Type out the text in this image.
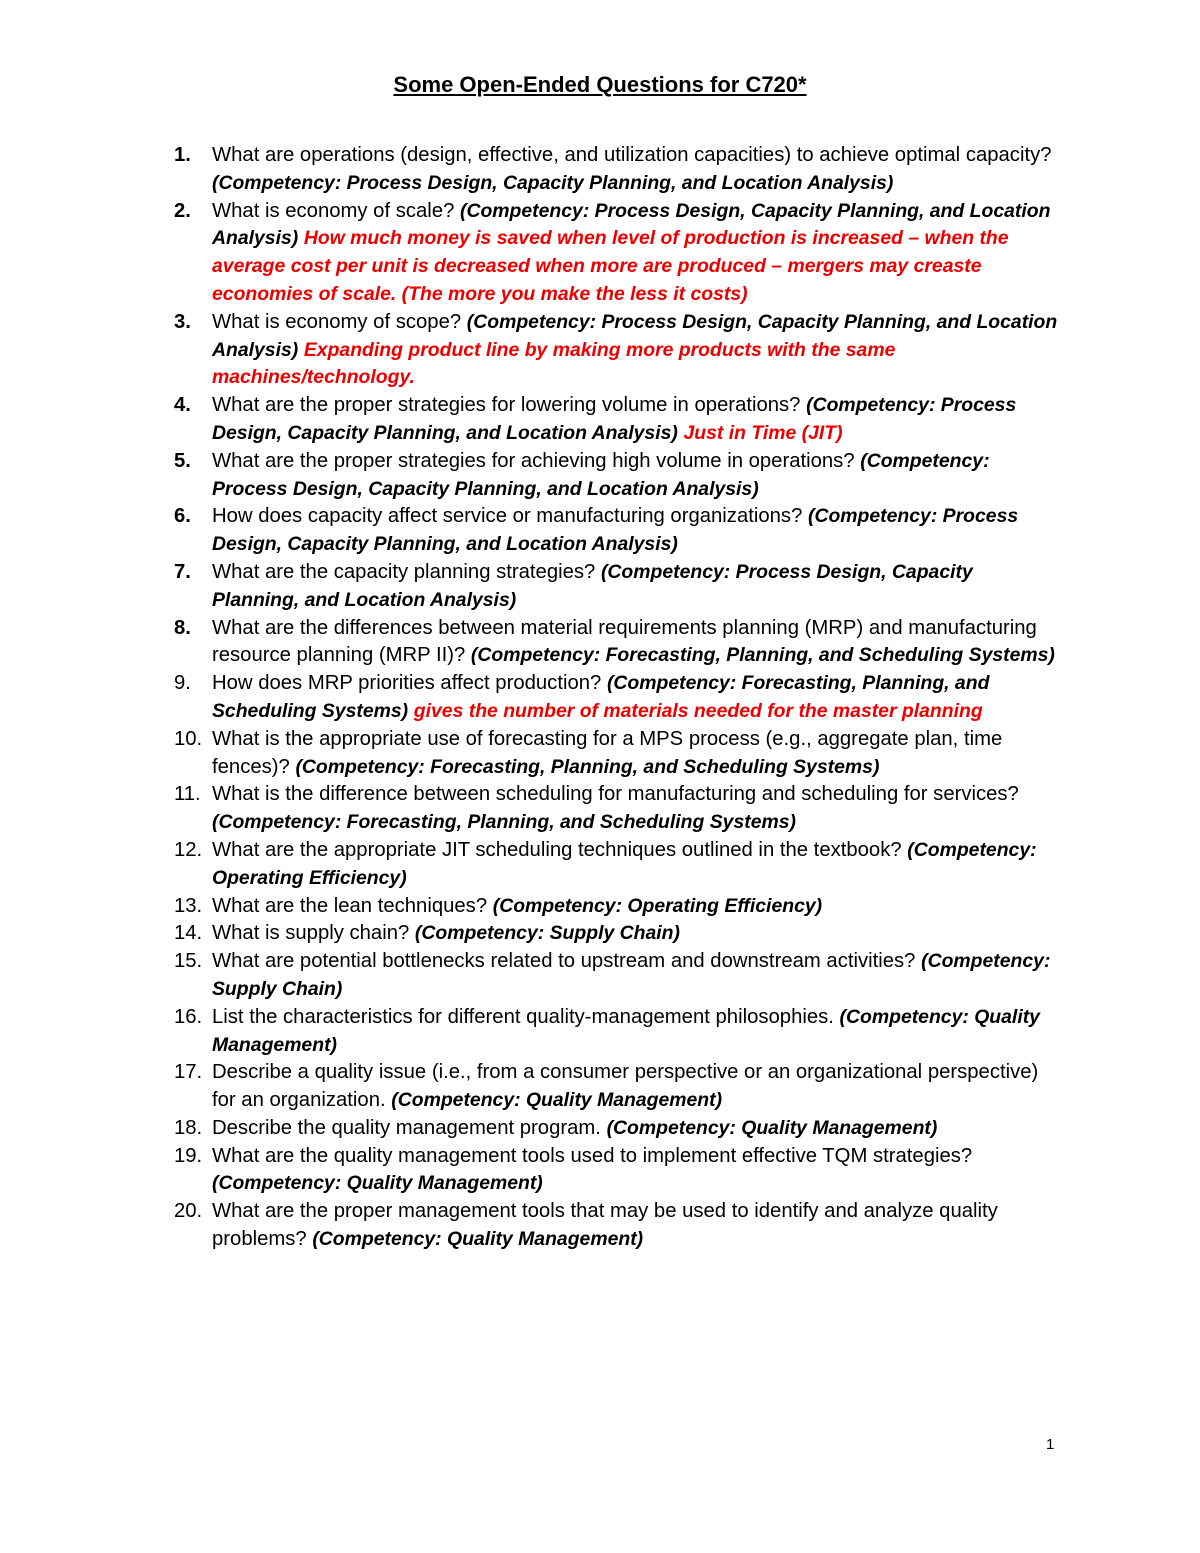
Some Open-Ended Questions for C720*
1. What are operations (design, effective, and utilization capacities) to achieve optimal capacity? (Competency: Process Design, Capacity Planning, and Location Analysis)
2. What is economy of scale? (Competency: Process Design, Capacity Planning, and Location Analysis) How much money is saved when level of production is increased – when the average cost per unit is decreased when more are produced – mergers may creaste economies of scale. (The more you make the less it costs)
3. What is economy of scope? (Competency: Process Design, Capacity Planning, and Location Analysis) Expanding product line by making more products with the same machines/technology.
4. What are the proper strategies for lowering volume in operations? (Competency: Process Design, Capacity Planning, and Location Analysis) Just in Time (JIT)
5. What are the proper strategies for achieving high volume in operations? (Competency: Process Design, Capacity Planning, and Location Analysis)
6. How does capacity affect service or manufacturing organizations? (Competency: Process Design, Capacity Planning, and Location Analysis)
7. What are the capacity planning strategies? (Competency: Process Design, Capacity Planning, and Location Analysis)
8. What are the differences between material requirements planning (MRP) and manufacturing resource planning (MRP II)? (Competency: Forecasting, Planning, and Scheduling Systems)
9. How does MRP priorities affect production? (Competency: Forecasting, Planning, and Scheduling Systems) gives the number of materials needed for the master planning
10. What is the appropriate use of forecasting for a MPS process (e.g., aggregate plan, time fences)? (Competency: Forecasting, Planning, and Scheduling Systems)
11. What is the difference between scheduling for manufacturing and scheduling for services? (Competency: Forecasting, Planning, and Scheduling Systems)
12. What are the appropriate JIT scheduling techniques outlined in the textbook? (Competency: Operating Efficiency)
13. What are the lean techniques? (Competency: Operating Efficiency)
14. What is supply chain? (Competency: Supply Chain)
15. What are potential bottlenecks related to upstream and downstream activities? (Competency: Supply Chain)
16. List the characteristics for different quality-management philosophies. (Competency: Quality Management)
17. Describe a quality issue (i.e., from a consumer perspective or an organizational perspective) for an organization. (Competency: Quality Management)
18. Describe the quality management program. (Competency: Quality Management)
19. What are the quality management tools used to implement effective TQM strategies? (Competency: Quality Management)
20. What are the proper management tools that may be used to identify and analyze quality problems? (Competency: Quality Management)
1
